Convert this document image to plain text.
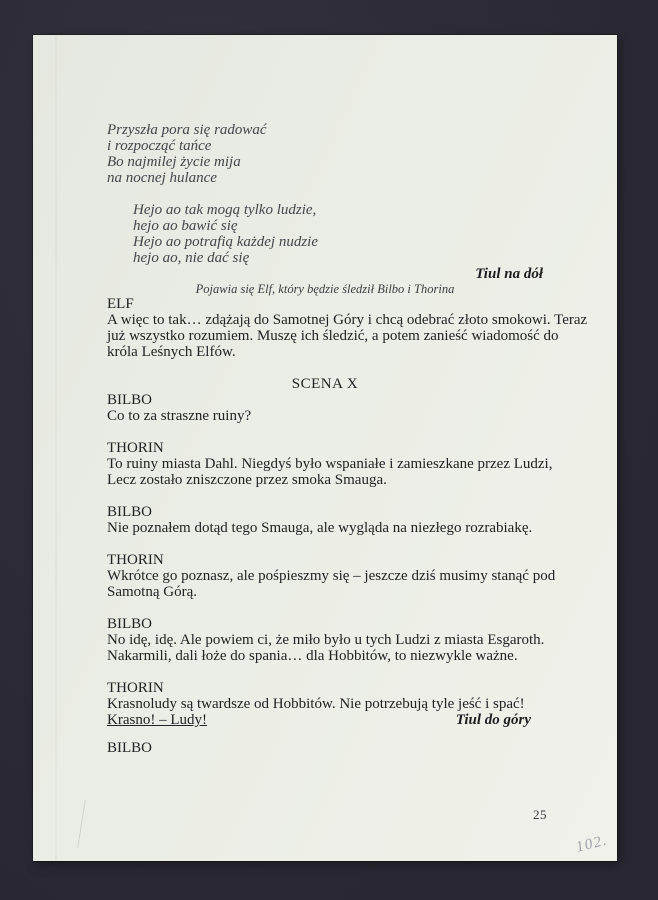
Przyszła pora się radować
i rozpocząć tańce
Bo najmilej życie mija
na nocnej hulance
Hejo ao tak mogą tylko ludzie,
hejo ao bawić się
Hejo ao potrafią każdej nudzie
hejo ao, nie dać się
Tiul na dół
Pojawia się Elf, który będzie śledził Bilbo i Thorina
ELF
A więc to tak… zdążają do Samotnej Góry i chcą odebrać złoto smokowi. Teraz
już wszystko rozumiem. Muszę ich śledzić, a potem zanieść wiadomość do
króla Leśnych Elfów.
SCENA X
BILBO
Co to za straszne ruiny?
THORIN
To ruiny miasta Dahl. Niegdyś było wspaniałe i zamieszkane przez Ludzi,
Lecz zostało zniszczone przez smoka Smauga.
BILBO
Nie poznałem dotąd tego Smauga, ale wygląda na niezłego rozrabiakę.
THORIN
Wkrótce go poznasz, ale pośpieszmy się – jeszcze dziś musimy stanąć pod
Samotną Górą.
BILBO
No idę, idę. Ale powiem ci, że miło było u tych Ludzi z miasta Esgaroth.
Nakarmili, dali łoże do spania… dla Hobbitów, to niezwykle ważne.
THORIN
Krasnoludy są twardsze od Hobbitów. Nie potrzebują tyle jeść i spać!
Krasno! – Ludy!	Tiul do góry
BILBO
25
102.
